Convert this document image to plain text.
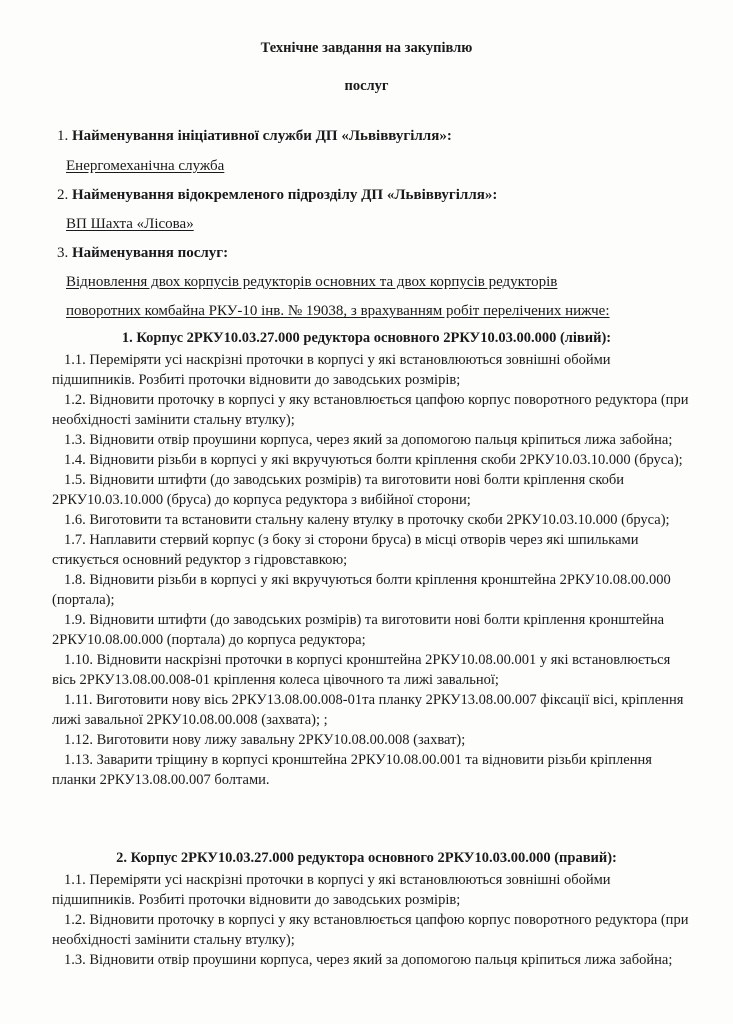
Технічне завдання на закупівлю
послуг
1. Найменування ініціативної служби ДП «Львіввугілля»:
Енергомеханічна служба
2. Найменування відокремленого підрозділу ДП «Львіввугілля»:
ВП Шахта «Лісова»
3. Найменування послуг:
Відновлення двох корпусів редукторів основних та двох корпусів редукторів
поворотних комбайна РКУ-10 інв. № 19038, з врахуванням робіт перелічених нижче:
1. Корпус 2РКУ10.03.27.000 редуктора основного 2РКУ10.03.00.000 (лівий):

1.1. Переміряти усі наскрізні проточки в корпусі у які встановлюються зовнішні обойми підшипників. Розбиті проточки відновити до заводських розмірів;

1.2. Відновити проточку в корпусі у яку встановлюється цапфою корпус поворотного редуктора (при необхідності замінити стальну втулку);

1.3. Відновити отвір проушини корпуса, через який за допомогою пальця кріпиться лижа забойна;

1.4. Відновити різьби в корпусі у які вкручуються болти кріплення скоби 2РКУ10.03.10.000 (бруса);

1.5. Відновити штифти (до заводських розмірів) та виготовити нові болти кріплення скоби 2РКУ10.03.10.000 (бруса) до корпуса редуктора з вибійної сторони;

1.6. Виготовити та встановити стальну калену втулку в проточку скоби 2РКУ10.03.10.000 (бруса);

1.7. Наплавити стервий корпус (з боку зі сторони бруса) в місці отворів через які шпильками стикується основний редуктор з гідровставкою;

1.8. Відновити різьби в корпусі у які вкручуються болти кріплення кронштейна 2РКУ10.08.00.000 (портала);

1.9. Відновити штифти (до заводських розмірів) та виготовити нові болти кріплення кронштейна 2РКУ10.08.00.000 (портала) до корпуса редуктора;

1.10. Відновити наскрізні проточки в корпусі кронштейна 2РКУ10.08.00.001 у які встановлюється вісь 2РКУ13.08.00.008-01 кріплення колеса цівочного та лижі завальної;

1.11. Виготовити нову вісь 2РКУ13.08.00.008-01та планку 2РКУ13.08.00.007 фіксації вісі, кріплення лижі завальної 2РКУ10.08.00.008 (захвата); ;

1.12. Виготовити нову лижу завальну 2РКУ10.08.00.008 (захват);

1.13. Заварити тріщину в корпусі кронштейна 2РКУ10.08.00.001 та відновити різьби кріплення планки 2РКУ13.08.00.007 болтами.

2. Корпус 2РКУ10.03.27.000 редуктора основного 2РКУ10.03.00.000 (правий):

1.1. Переміряти усі наскрізні проточки в корпусі у які встановлюються зовнішні обойми підшипників. Розбиті проточки відновити до заводських розмірів;

1.2. Відновити проточку в корпусі у яку встановлюється цапфою корпус поворотного редуктора (при необхідності замінити стальну втулку);

1.3. Відновити отвір проушини корпуса, через який за допомогою пальця кріпиться лижа забойна;
